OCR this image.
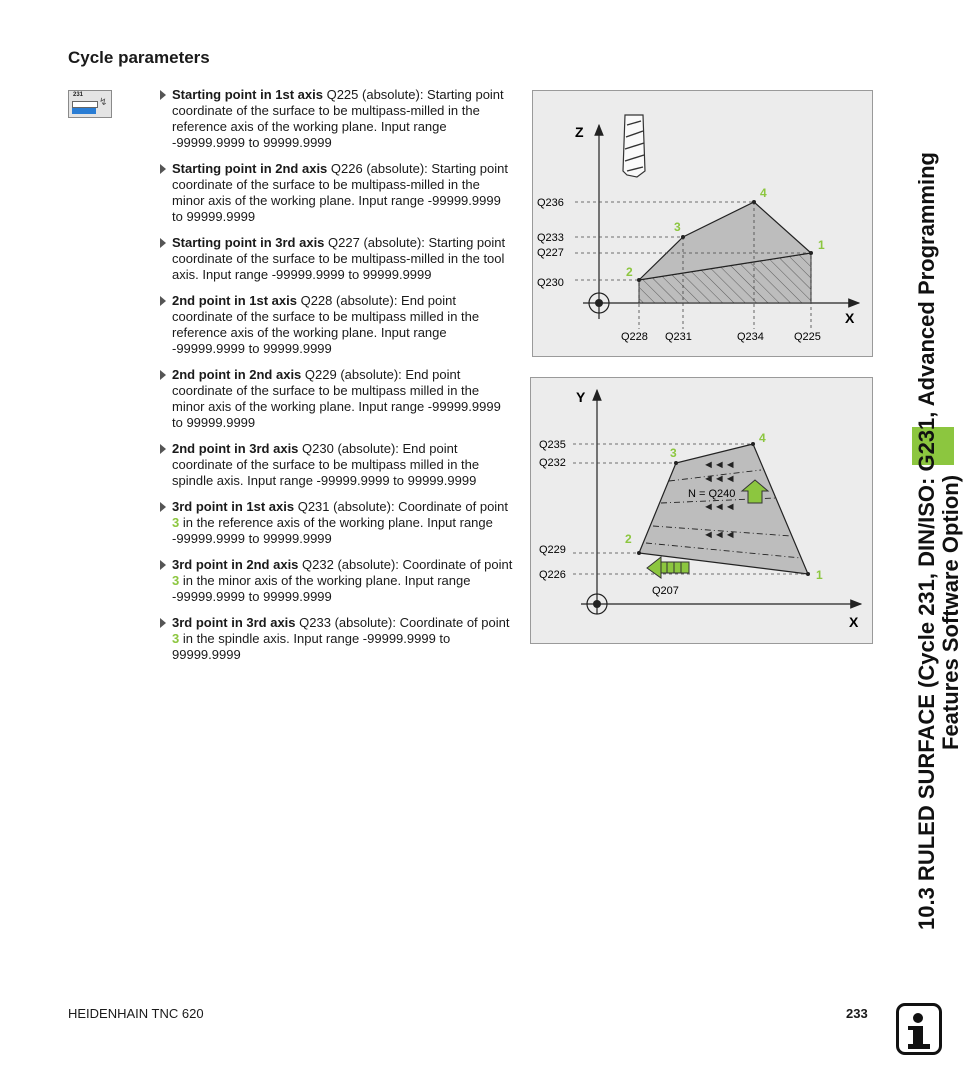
Cycle parameters
231
↯
Starting point in 1st axis Q225 (absolute): Starting point coordinate of the surface to be multipass-milled in the reference axis of the working plane. Input range -99999.9999 to 99999.9999
Starting point in 2nd axis Q226 (absolute): Starting point coordinate of the surface to be multipass-milled in the minor axis of the working plane. Input range -99999.9999 to 99999.9999
Starting point in 3rd axis Q227 (absolute): Starting point coordinate of the surface to be multipass-milled in the tool axis. Input range -99999.9999 to 99999.9999
2nd point in 1st axis Q228 (absolute): End point coordinate of the surface to be multipass milled in the reference axis of the working plane. Input range -99999.9999 to 99999.9999
2nd point in 2nd axis Q229 (absolute): End point coordinate of the surface to be multipass milled in the minor axis of the working plane. Input range -99999.9999 to 99999.9999
2nd point in 3rd axis Q230 (absolute): End point coordinate of the surface to be multipass milled in the spindle axis. Input range -99999.9999 to 99999.9999
3rd point in 1st axis Q231 (absolute): Coordinate of point 3 in the reference axis of the working plane. Input range -99999.9999 to 99999.9999
3rd point in 2nd axis Q232 (absolute): Coordinate of point 3 in the minor axis of the working plane. Input range -99999.9999 to 99999.9999
3rd point in 3rd axis Q233 (absolute): Coordinate of point 3 in the spindle axis. Input range -99999.9999 to 99999.9999
Z
X
Q236
Q233
Q227
Q230
Q228 Q231	Q234	Q225
1
2
3
4
Y
X
◄◄◄
◄◄◄
◄◄◄
◄◄◄
N = Q240
Q207
Q235
Q232
Q229
Q226	1
2
3
4	10.3 RULED SURFACE (Cycle 231, DIN/ISO: G231, Advanced Programming Features Software Option)
HEIDENHAIN TNC 620	233
